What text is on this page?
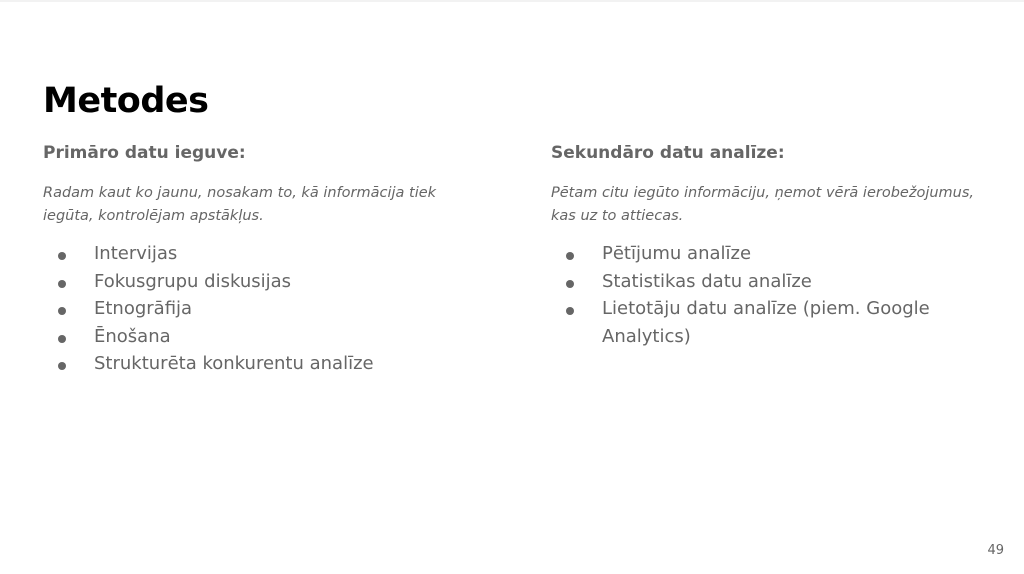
Metodes
Primāro datu ieguve:
Radam kaut ko jaunu, nosakam to, kā informācija tiek iegūta, kontrolējam apstākļus.
Intervijas
Fokusgrupu diskusijas
Etnogrāfija
Ēnošana
Strukturēta konkurentu analīze
Sekundāro datu analīze:
Pētam citu iegūto informāciju, ņemot vērā ierobežojumus, kas uz to attiecas.
Pētījumu analīze
Statistikas datu analīze
Lietotāju datu analīze (piem. Google Analytics)
49
